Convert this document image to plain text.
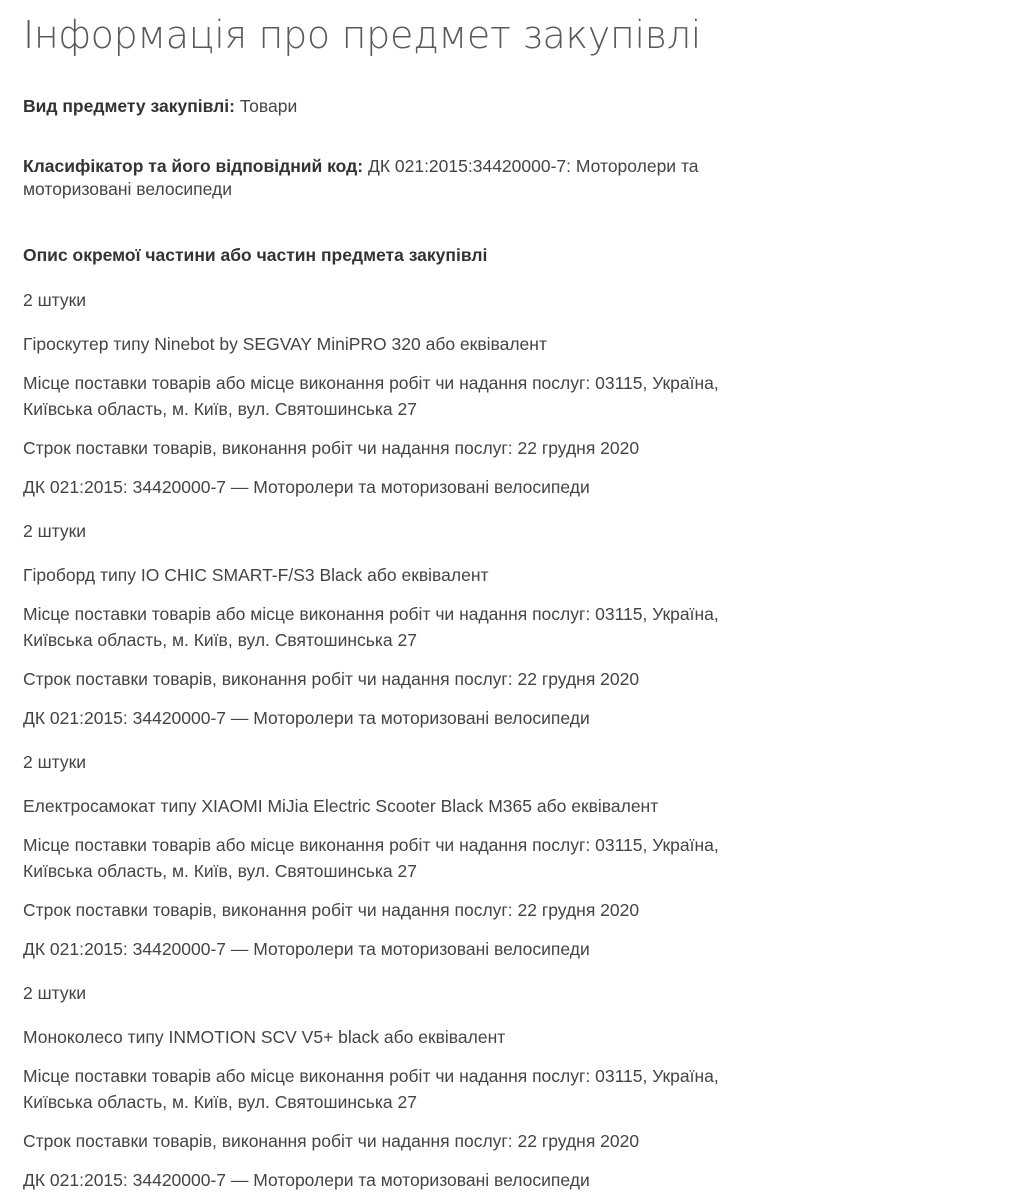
Інформація про предмет закупівлі
Вид предмету закупівлі: Товари
Класифікатор та його відповідний код: ДК 021:2015:34420000-7: Моторолери та моторизовані велосипеди
Опис окремої частини або частин предмета закупівлі

2 штуки

Гіроскутер типу Ninebot by SEGVAY MiniPRO 320 або еквівалент

Місце поставки товарів або місце виконання робіт чи надання послуг: 03115, Україна, Київська область, м. Київ, вул. Святошинська 27

Строк поставки товарів, виконання робіт чи надання послуг: 22 грудня 2020

ДК 021:2015: 34420000-7 — Моторолери та моторизовані велосипеди

2 штуки

Гіроборд типу IO CHIC SMART-F/S3 Black або еквівалент

Місце поставки товарів або місце виконання робіт чи надання послуг: 03115, Україна, Київська область, м. Київ, вул. Святошинська 27

Строк поставки товарів, виконання робіт чи надання послуг: 22 грудня 2020

ДК 021:2015: 34420000-7 — Моторолери та моторизовані велосипеди

2 штуки

Електросамокат типу XIAOMI MiJia Electric Scooter Black M365 або еквівалент

Місце поставки товарів або місце виконання робіт чи надання послуг: 03115, Україна, Київська область, м. Київ, вул. Святошинська 27

Строк поставки товарів, виконання робіт чи надання послуг: 22 грудня 2020

ДК 021:2015: 34420000-7 — Моторолери та моторизовані велосипеди

2 штуки

Моноколесо типу INMOTION SCV V5+ black або еквівалент

Місце поставки товарів або місце виконання робіт чи надання послуг: 03115, Україна, Київська область, м. Київ, вул. Святошинська 27

Строк поставки товарів, виконання робіт чи надання послуг: 22 грудня 2020

ДК 021:2015: 34420000-7 — Моторолери та моторизовані велосипеди
